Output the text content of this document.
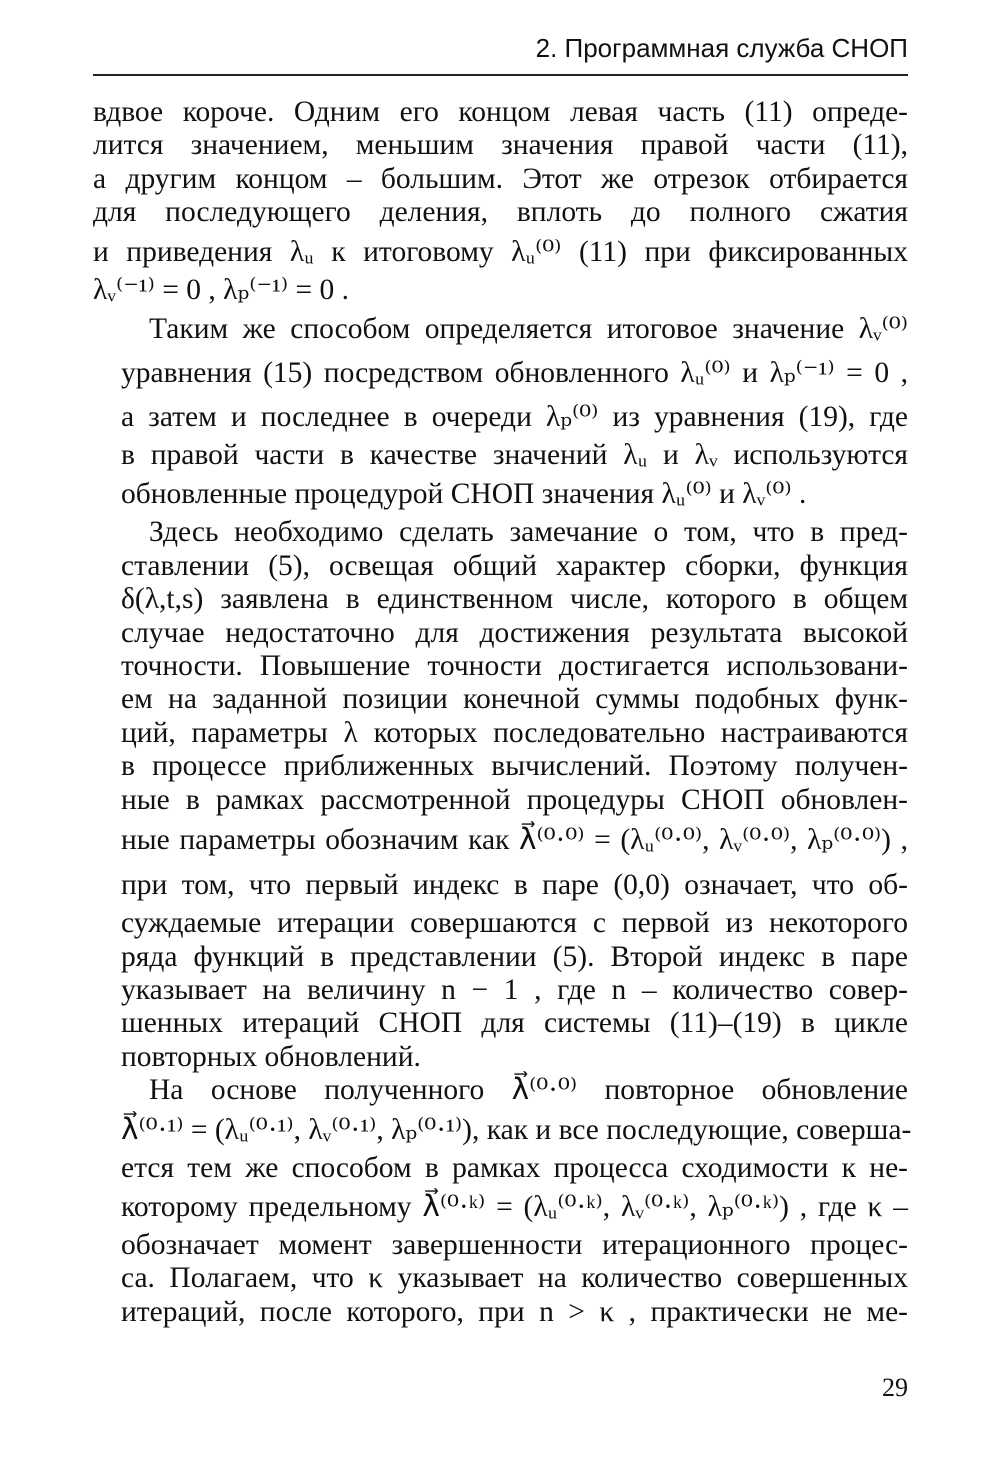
2. Программная служба СНОП

вдвое короче. Одним его концом левая часть (11) опреде-
лится значением, меньшим значения правой части (11),
а другим концом – большим. Этот же отрезок отбирается
для последующего деления, вплоть до полного сжатия
и приведения λᵤ к итоговому λᵤ⁽⁰⁾ (11) при фиксированных
λᵥ⁽⁻¹⁾ = 0 , λₚ⁽⁻¹⁾ = 0 .

Таким же способом определяется итоговое значение λᵥ⁽⁰⁾
уравнения (15) посредством обновленного λᵤ⁽⁰⁾ и λₚ⁽⁻¹⁾ = 0 ,
а затем и последнее в очереди λₚ⁽⁰⁾ из уравнения (19), где
в правой части в качестве значений λᵤ и λᵥ используются
обновленные процедурой СНОП значения λᵤ⁽⁰⁾ и λᵥ⁽⁰⁾ .

Здесь необходимо сделать замечание о том, что в пред-
ставлении (5), освещая общий характер сборки, функция
δ(λ,t,s) заявлена в единственном числе, которого в общем
случае недостаточно для достижения результата высокой
точности. Повышение точности достигается использовани-
ем на заданной позиции конечной суммы подобных функ-
ций, параметры λ которых последовательно настраиваются
в процессе приближенных вычислений. Поэтому получен-
ные в рамках рассмотренной процедуры СНОП обновлен-
ные параметры обозначим как λ⃗⁽⁰·⁰⁾ = (λᵤ⁽⁰·⁰⁾, λᵥ⁽⁰·⁰⁾, λₚ⁽⁰·⁰⁾) ,
при том, что первый индекс в паре (0,0) означает, что об-
суждаемые итерации совершаются с первой из некоторого
ряда функций в представлении (5). Второй индекс в паре
указывает на величину n − 1 , где n – количество совер-
шенных итераций СНОП для системы (11)–(19) в цикле
повторных обновлений.

На основе полученного λ⃗⁽⁰·⁰⁾ повторное обновление
λ⃗⁽⁰·¹⁾ = (λᵤ⁽⁰·¹⁾, λᵥ⁽⁰·¹⁾, λₚ⁽⁰·¹⁾), как и все последующие, соверша-
ется тем же способом в рамках процесса сходимости к не-
которому предельному λ⃗⁽⁰·ᵏ⁾ = (λᵤ⁽⁰·ᵏ⁾, λᵥ⁽⁰·ᵏ⁾, λₚ⁽⁰·ᵏ⁾) , где κ –
обозначает момент завершенности итерационного процес-
са. Полагаем, что κ указывает на количество совершенных
итераций, после которого, при n > κ , практически не ме-

29
